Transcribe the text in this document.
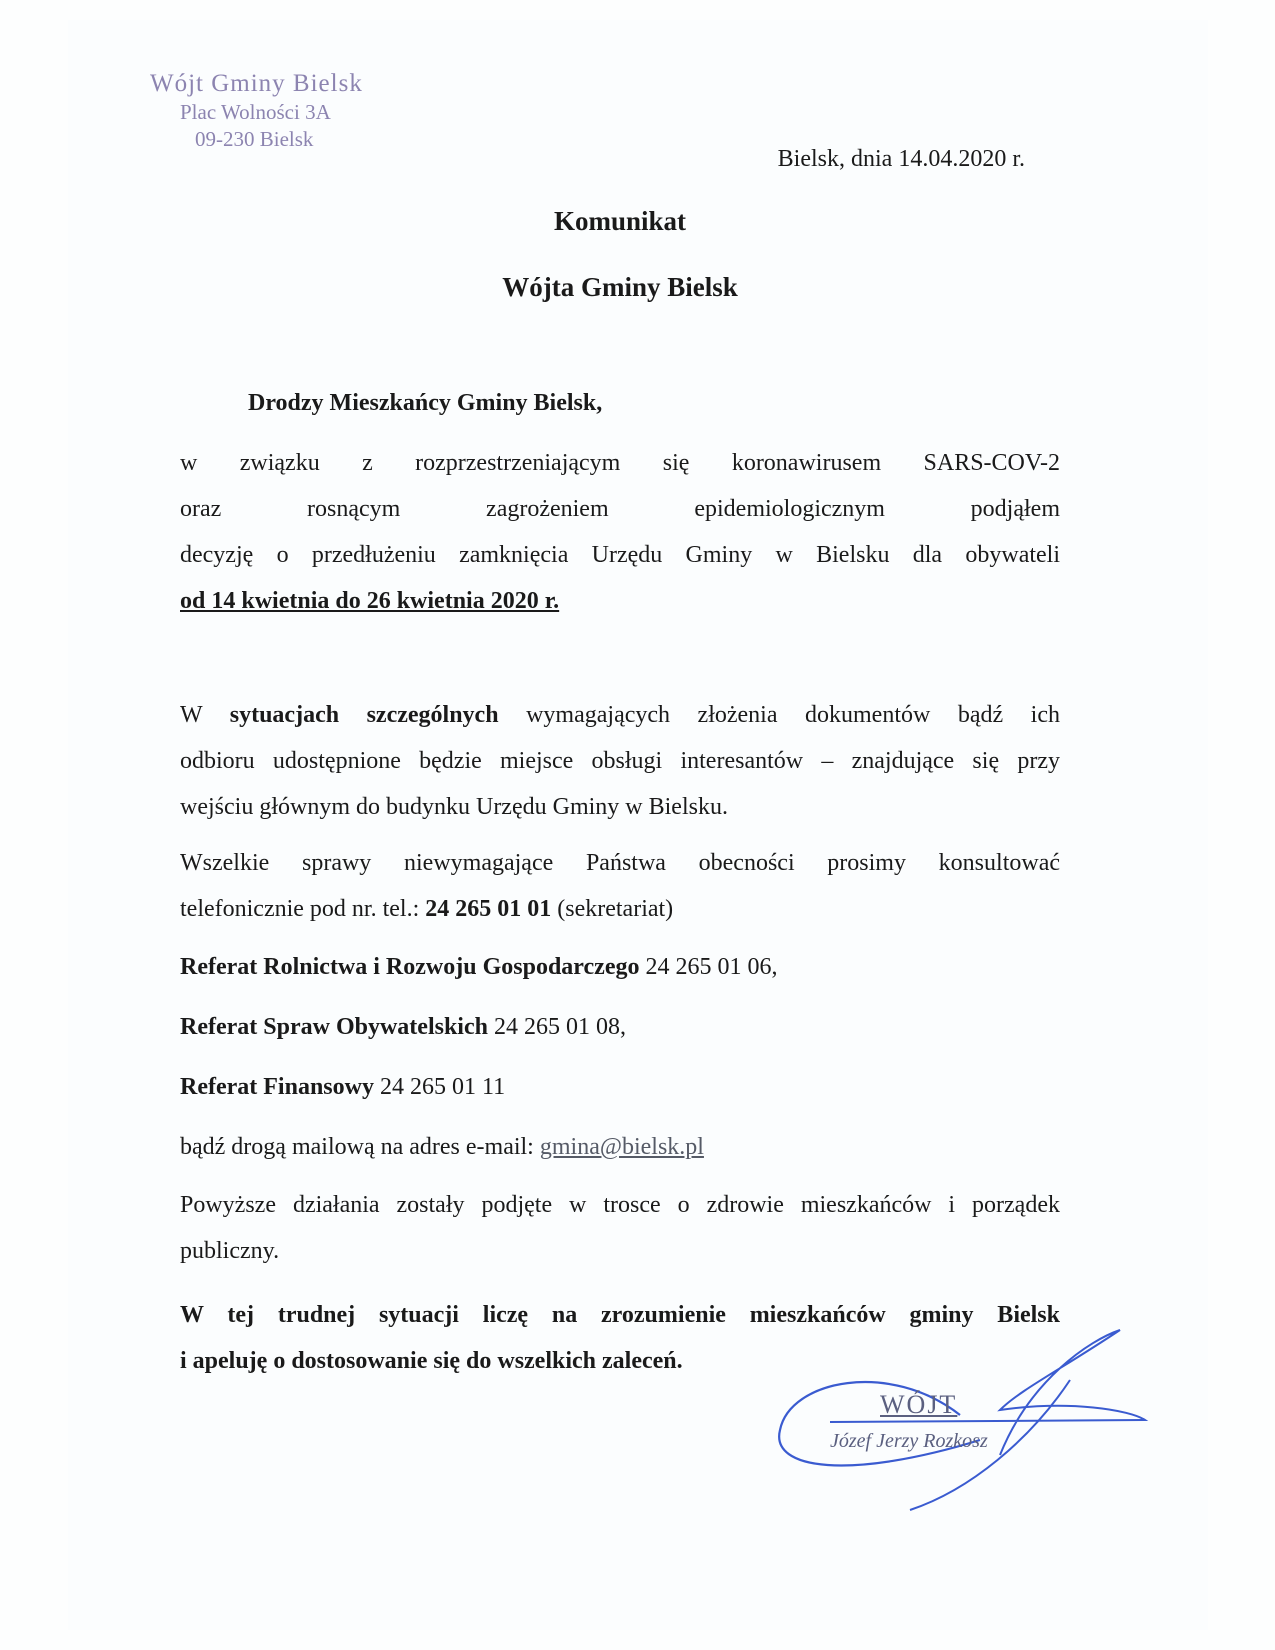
Wójt Gminy Bielsk
Plac Wolności 3A
09-230 Bielsk
Bielsk, dnia 14.04.2020 r.
Komunikat
Wójta Gminy Bielsk
Drodzy Mieszkańcy Gminy Bielsk,
w związku z rozprzestrzeniającym się koronawirusem SARS-COV-2
oraz rosnącym zagrożeniem epidemiologicznym podjąłem
decyzję o przedłużeniu zamknięcia Urzędu Gminy w Bielsku dla obywateli
od 14 kwietnia do 26 kwietnia 2020 r.
W sytuacjach szczególnych wymagających złożenia dokumentów bądź ich
odbioru udostępnione będzie miejsce obsługi interesantów – znajdujące się przy
wejściu głównym do budynku Urzędu Gminy w Bielsku.
Wszelkie sprawy niewymagające Państwa obecności prosimy konsultować
telefonicznie pod nr. tel.: 24 265 01 01 (sekretariat)
Referat Rolnictwa i Rozwoju Gospodarczego 24 265 01 06,
Referat Spraw Obywatelskich 24 265 01 08,
Referat Finansowy 24 265 01 11
bądź drogą mailową na adres e-mail: gmina@bielsk.pl
Powyższe działania zostały podjęte w trosce o zdrowie mieszkańców i porządek
publiczny.
W tej trudnej sytuacji liczę na zrozumienie mieszkańców gminy Bielsk
i apeluję o dostosowanie się do wszelkich zaleceń.
WÓJT
Józef Jerzy Rozkosz
